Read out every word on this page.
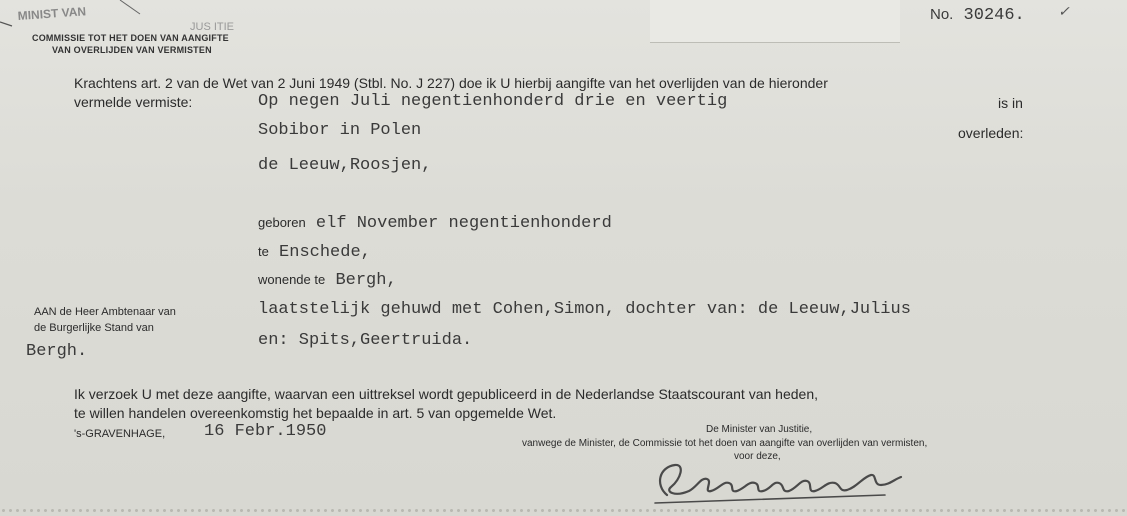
MINIST VAN
JUS ITIE
COMMISSIE TOT HET DOEN VAN AANGIFTE
VAN OVERLIJDEN VAN VERMISTEN
No. 30246. ✓
Krachtens art. 2 van de Wet van 2 Juni 1949 (Stbl. No. J 227) doe ik U hierbij aangifte van het overlijden van de hieronder
vermelde vermiste:	Op negen Juli negentienhonderd drie en veertig	is in
Sobibor in Polen	overleden:
de Leeuw,Roosjen,
geboren elf November negentienhonderd
te Enschede,
wonende te Bergh,
laatstelijk gehuwd met Cohen,Simon, dochter van: de Leeuw,Julius
en: Spits,Geertruida.
AAN de Heer Ambtenaar van
de Burgerlijke Stand van
Bergh.
Ik verzoek U met deze aangifte, waarvan een uittreksel wordt gepubliceerd in de Nederlandse Staatscourant van heden,
te willen handelen overeenkomstig het bepaalde in art. 5 van opgemelde Wet.
's-GRAVENHAGE, 16 Febr.1950	De Minister van Justitie,
vanwege de Minister, de Commissie tot het doen van aangifte van overlijden van vermisten,
voor deze,
